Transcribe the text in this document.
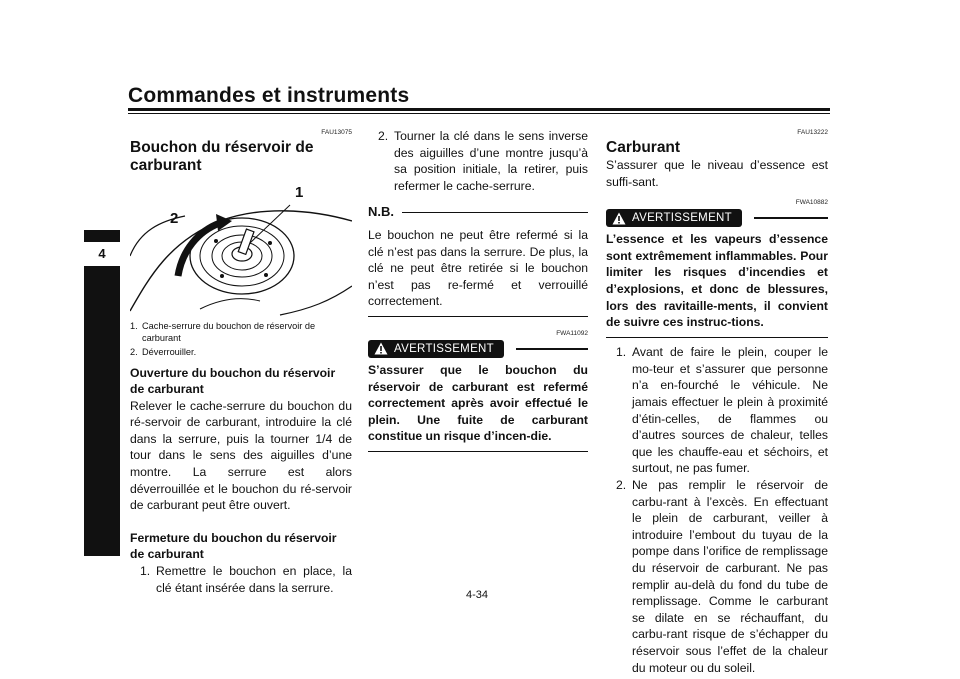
Commandes et instruments
4
FAU13075
Bouchon du réservoir de carburant
1
2
1. Cache-serrure du bouchon de réservoir de carburant
2. Déverrouiller.
Ouverture du bouchon du réservoir de carburant

Relever le cache-serrure du bouchon du ré-servoir de carburant, introduire la clé dans la serrure, puis la tourner 1/4 de tour dans le sens des aiguilles d’une montre. La serrure est alors déverrouillée et le bouchon du ré-servoir de carburant peut être ouvert.

Fermeture du bouchon du réservoir de carburant
1. Remettre le bouchon en place, la clé étant insérée dans la serrure.
2. Tourner la clé dans le sens inverse des aiguilles d’une montre jusqu’à sa position initiale, la retirer, puis refermer le cache-serrure.
N.B.

Le bouchon ne peut être refermé si la clé n’est pas dans la serrure. De plus, la clé ne peut être retirée si le bouchon n’est pas re-fermé et verrouillé correctement.

FWA11092
AVERTISSEMENT

S’assurer que le bouchon du réservoir de carburant est refermé correctement après avoir effectué le plein. Une fuite de carburant constitue un risque d’incen-die.

FAU13222
Carburant

S’assurer que le niveau d’essence est suffi-sant.

FWA10882
AVERTISSEMENT

L’essence et les vapeurs d’essence sont extrêmement inflammables. Pour limiter les risques d’incendies et d’explosions, et donc de blessures, lors des ravitaille-ments, il convient de suivre ces instruc-tions.

1. Avant de faire le plein, couper le mo-teur et s’assurer que personne n’a en-fourché le véhicule. Ne jamais effectuer le plein à proximité d’étin-celles, de flammes ou d’autres sources de chaleur, telles que les chauffe-eau et séchoirs, et surtout, ne pas fumer.
2. Ne pas remplir le réservoir de carbu-rant à l’excès. En effectuant le plein de carburant, veiller à introduire l’embout du tuyau de la pompe dans l’orifice de remplissage du réservoir de carburant. Ne pas remplir au-delà du fond du tube de remplissage. Comme le carburant se dilate en se réchauffant, du carbu-rant risque de s’échapper du réservoir sous l’effet de la chaleur du moteur ou du soleil.
4-34
